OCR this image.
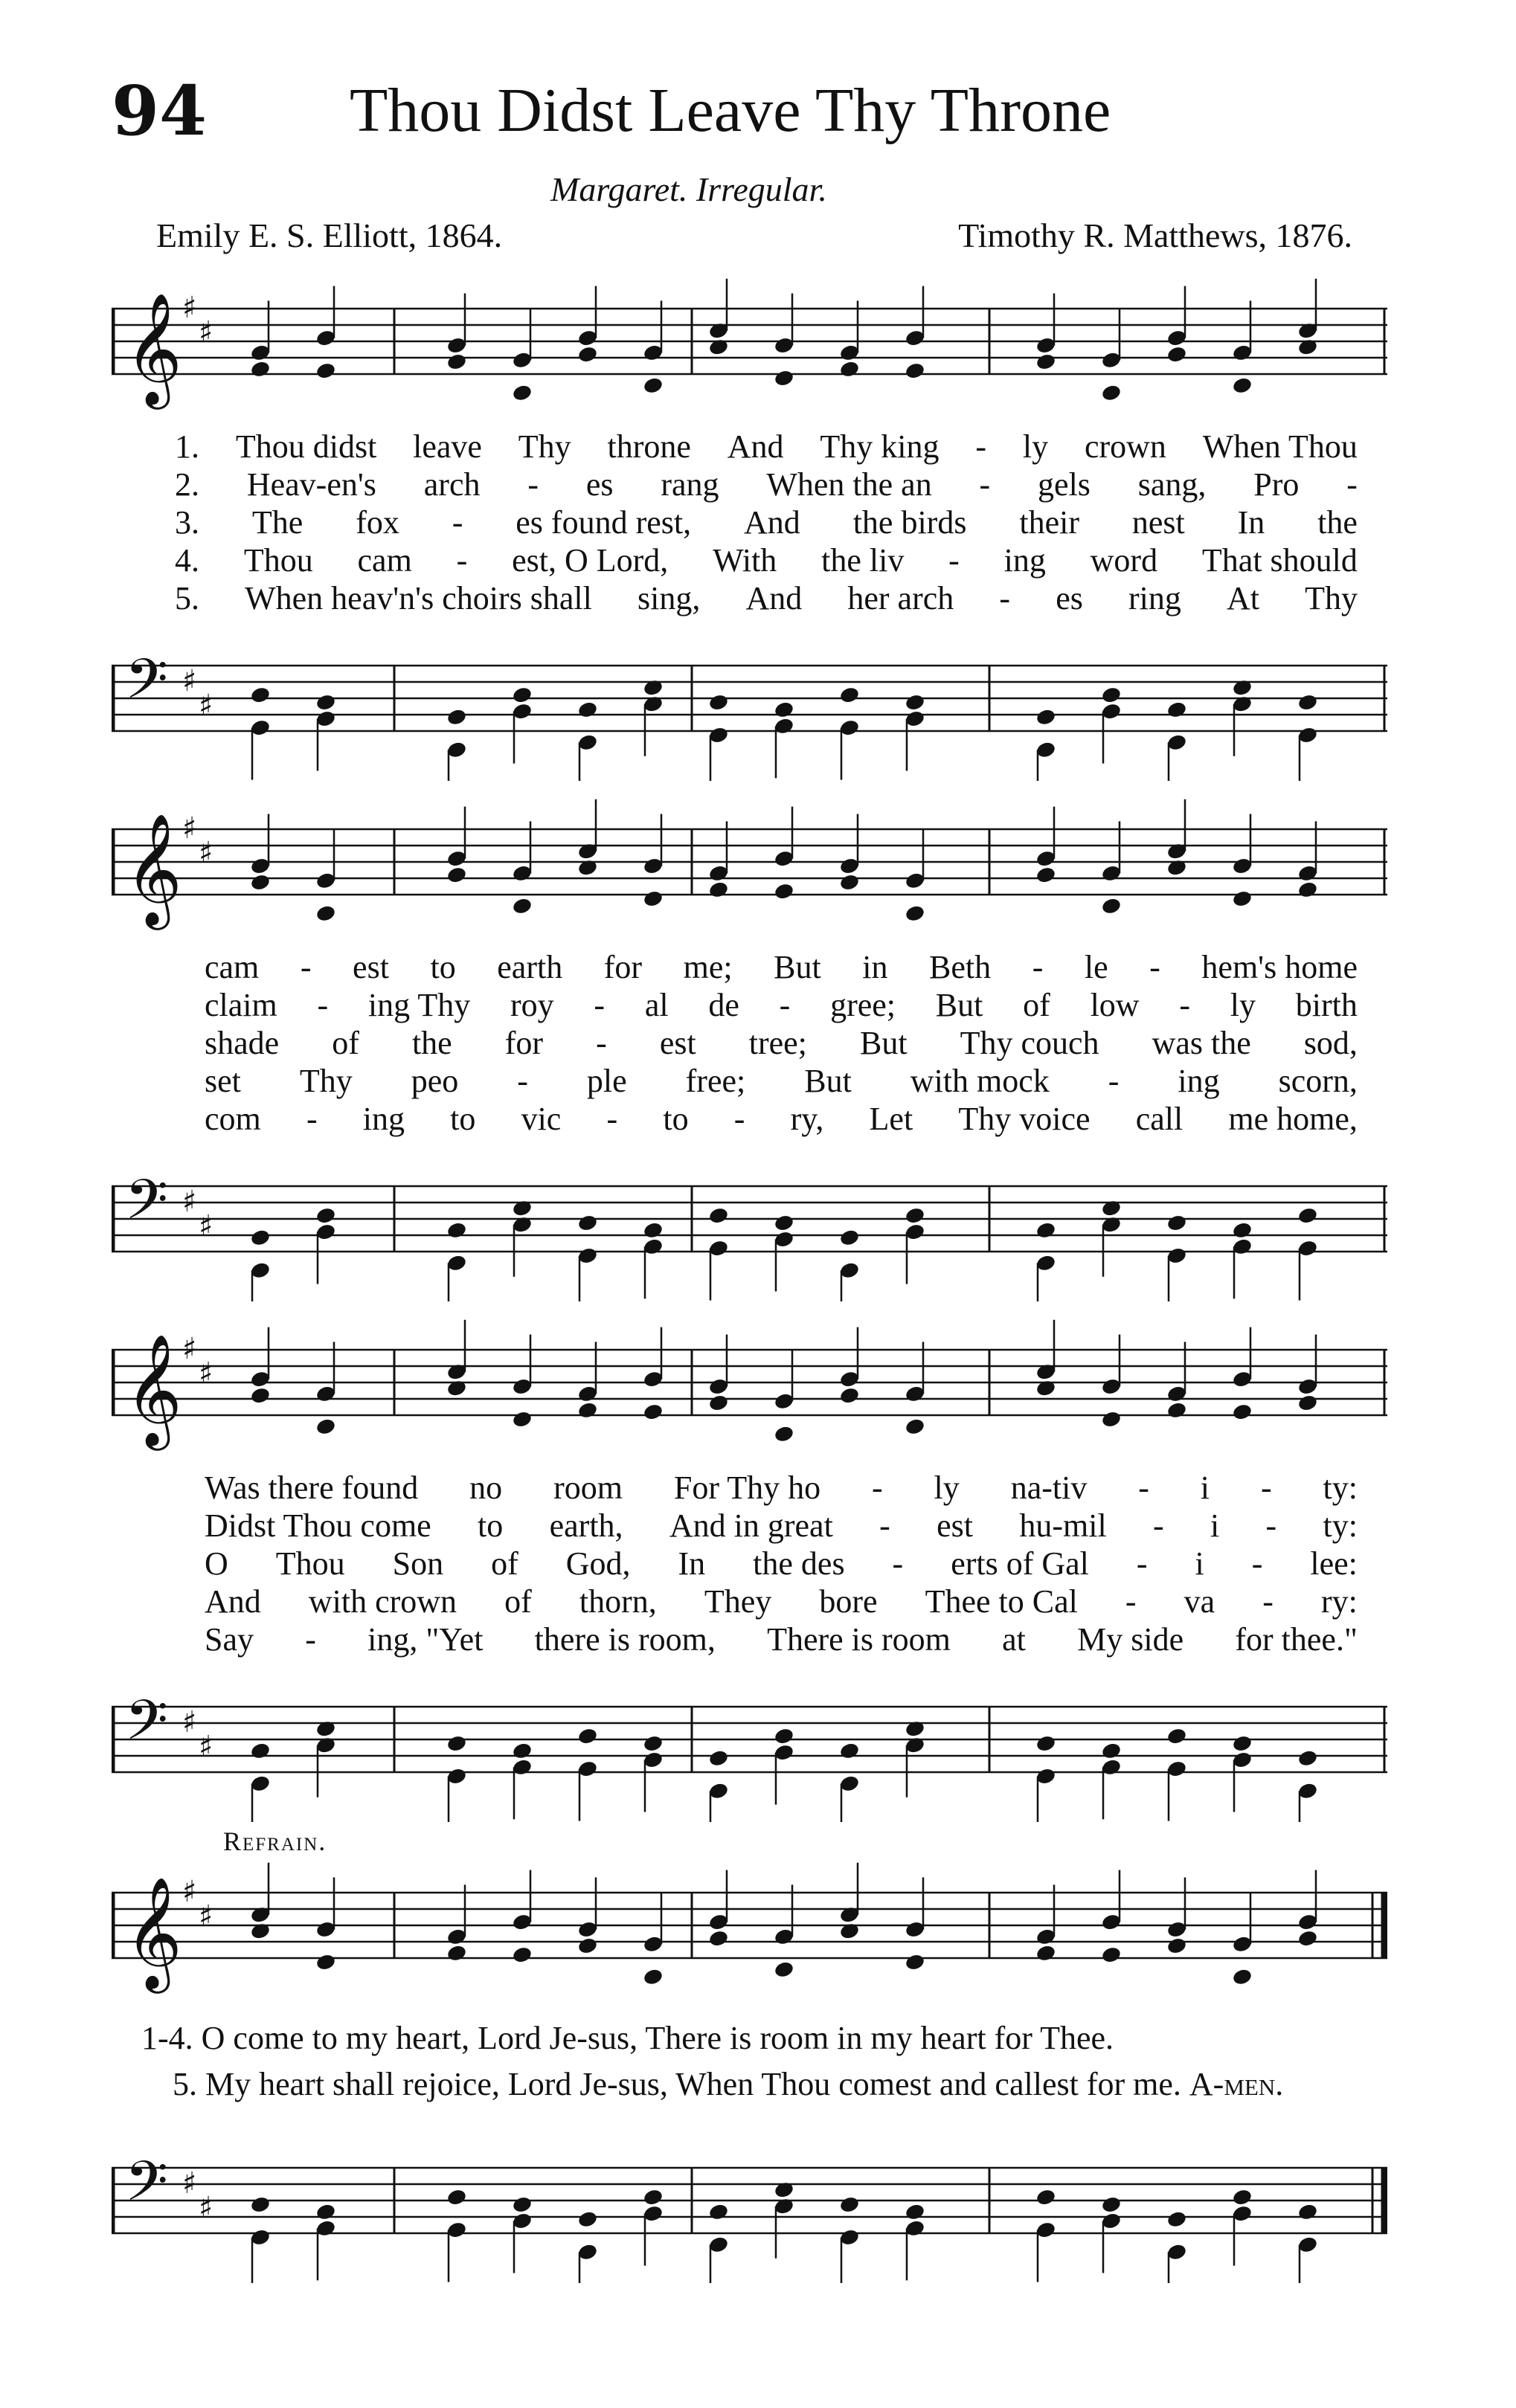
94 Thou Didst Leave Thy Throne
Margaret. Irregular.
Emily E. S. Elliott, 1864.	Timothy R. Matthews, 1876.
𝄞 ♯
♯
1. Thou didst leave Thy throne And Thy king - ly crown When Thou
2. Heav-en's arch - es rang When the an - gels sang, Pro -
3. The fox - es found rest, And the birds their nest In the
4. Thou cam - est, O Lord, With the liv - ing word That should
5. When heav'n's choirs shall sing, And her arch - es ring At Thy
𝄢 ♯
♯
𝄞 ♯
♯
cam - est to earth for me; But in Beth - le - hem's home
claim - ing Thy roy - al de - gree; But of low - ly birth
shade of the for - est tree; But Thy couch was the sod,
set Thy peo - ple free; But with mock - ing scorn,
com - ing to vic - to - ry, Let Thy voice call me home,
𝄢 ♯
♯
𝄞 ♯
♯
Was there found no room For Thy ho - ly na-tiv - i - ty:
Didst Thou come to earth, And in great - est hu-mil - i - ty:
O Thou Son of God, In the des - erts of Gal - i - lee:
And with crown of thorn, They bore Thee to Cal - va - ry:
Say - ing, "Yet there is room, There is room at My side for thee."
𝄢 ♯
♯
Refrain.
𝄞 ♯
♯
1-4. O come to my heart, Lord Je-sus, There is room in my heart for Thee.
5. My heart shall rejoice, Lord Je-sus, When Thou comest and callest for me. A-men.
𝄢 ♯
♯
